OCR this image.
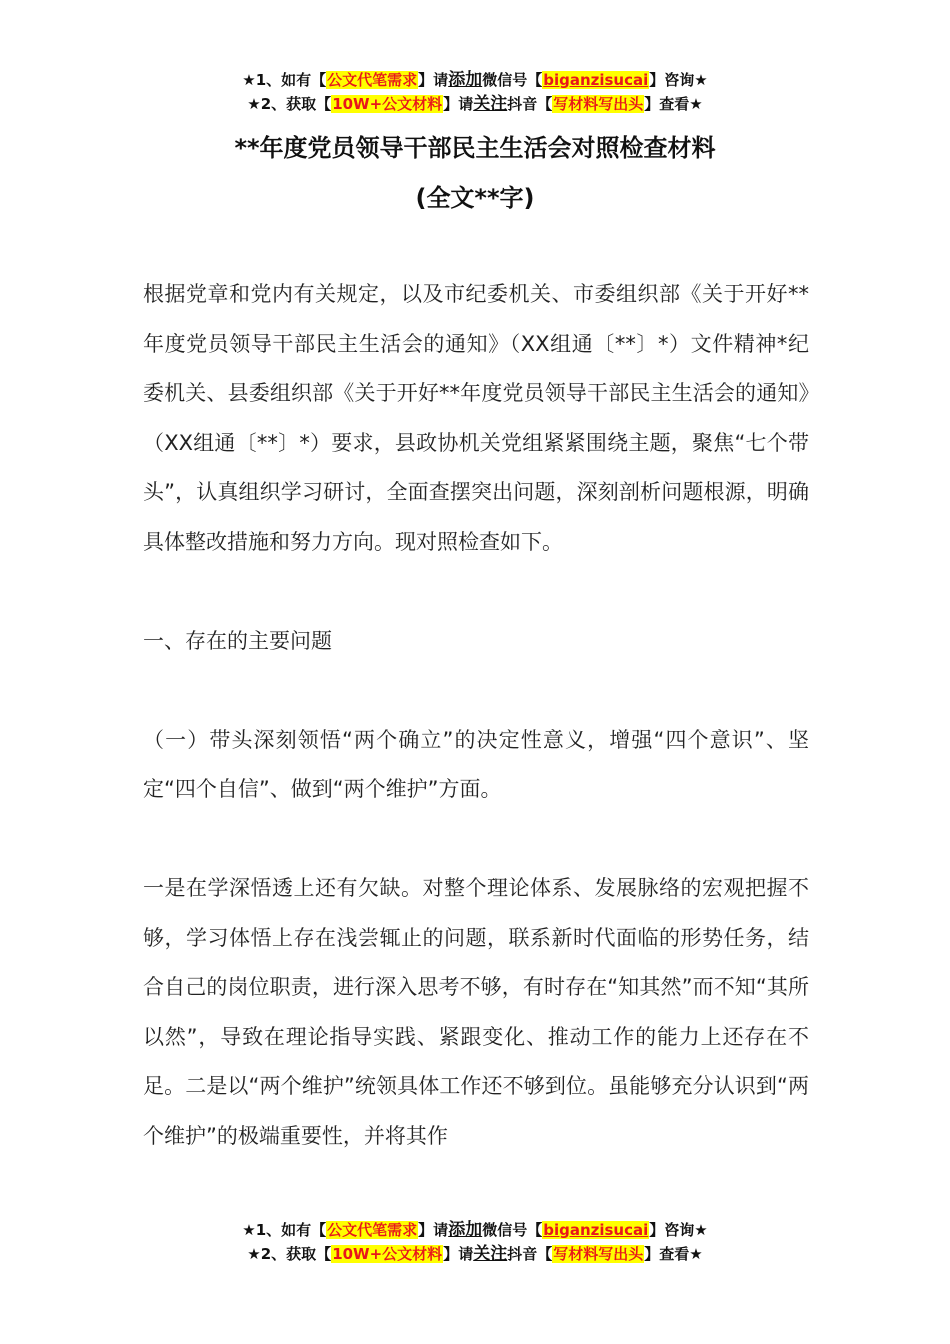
★1、如有【公文代笔需求】请添加微信号【biganzisucai】咨询★
★2、获取【10W+公文材料】请关注抖音【写材料写出头】查看★
**年度党员领导干部民主生活会对照检查材料
(全文**字)

根据党章和党内有关规定，以及市纪委机关、市委组织部《关于开好**年度党员领导干部民主生活会的通知》（XX组通〔**〕*）文件精神*纪委机关、县委组织部《关于开好**年度党员领导干部民主生活会的通知》（XX组通〔**〕*）要求，县政协机关党组紧紧围绕主题，聚焦“七个带头”，认真组织学习研讨，全面查摆突出问题，深刻剖析问题根源，明确具体整改措施和努力方向。现对照检查如下。

一、存在的主要问题

（一）带头深刻领悟“两个确立”的决定性意义，增强“四个意识”、坚定“四个自信”、做到“两个维护”方面。

一是在学深悟透上还有欠缺。对整个理论体系、发展脉络的宏观把握不够，学习体悟上存在浅尝辄止的问题，联系新时代面临的形势任务，结合自己的岗位职责，进行深入思考不够，有时存在“知其然”而不知“其所以然”，导致在理论指导实践、紧跟变化、推动工作的能力上还存在不足。二是以“两个维护”统领具体工作还不够到位。虽能够充分认识到“两个维护”的极端重要性，并将其作

★1、如有【公文代笔需求】请添加微信号【biganzisucai】咨询★
★2、获取【10W+公文材料】请关注抖音【写材料写出头】查看★
